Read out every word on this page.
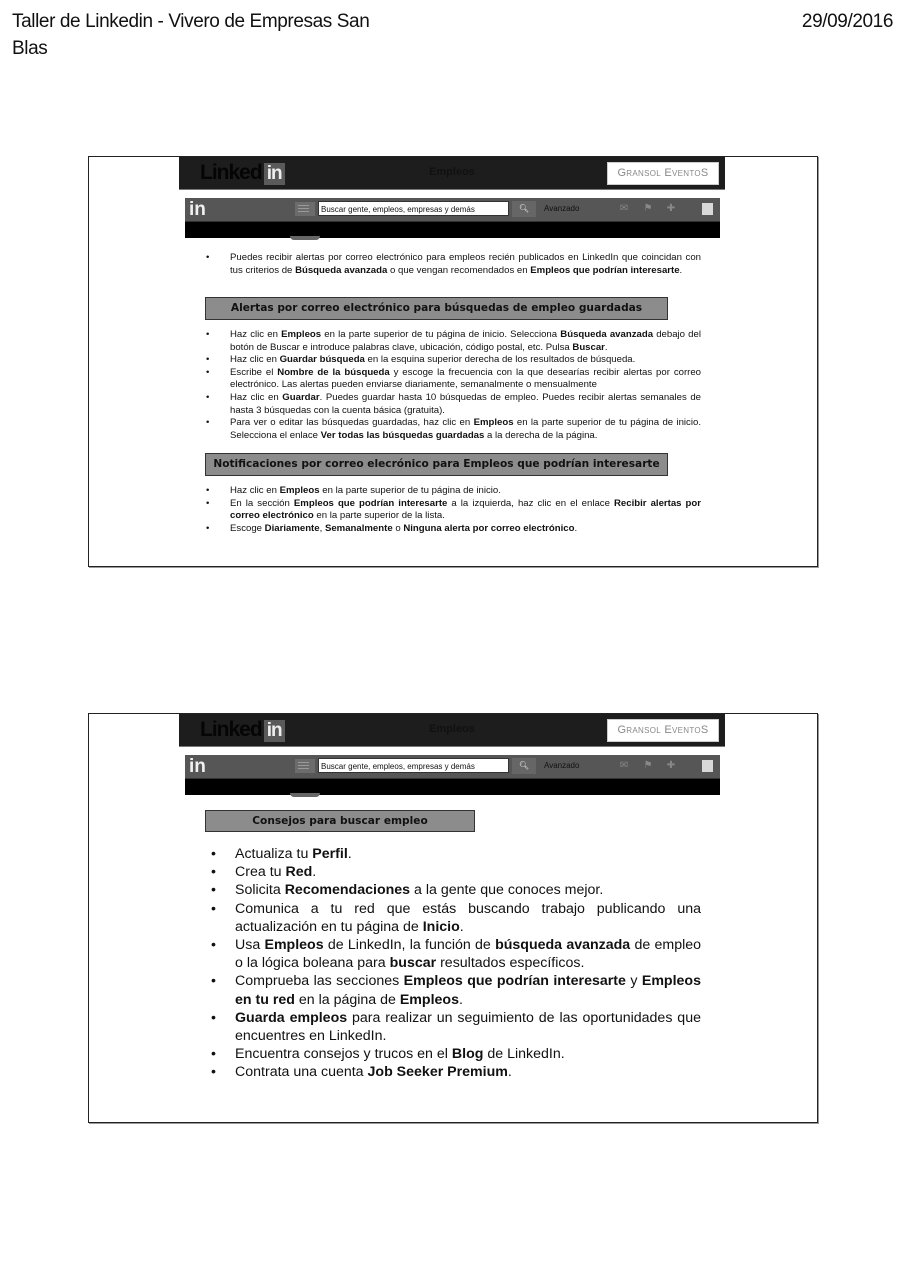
Taller de Linkedin - Vivero de Empresas San Blas
29/09/2016
Linked in	Empleos	Gransol EventoS
in	Buscar gente, empleos, empresas y demás	🔍︎	Avanzado	✉ ⚑ ✚
• Puedes recibir alertas por correo electrónico para empleos recién publicados en LinkedIn que coincidan con tus criterios de Búsqueda avanzada o que vengan recomendados en Empleos que podrían interesarte.
Alertas por correo electrónico para búsquedas de empleo guardadas
• Haz clic en Empleos en la parte superior de tu página de inicio. Selecciona Búsqueda avanzada debajo del botón de Buscar e introduce palabras clave, ubicación, código postal, etc. Pulsa Buscar.
• Haz clic en Guardar búsqueda en la esquina superior derecha de los resultados de búsqueda.
• Escribe el Nombre de la búsqueda y escoge la frecuencia con la que desearías recibir alertas por correo electrónico. Las alertas pueden enviarse diariamente, semanalmente o mensualmente
• Haz clic en Guardar. Puedes guardar hasta 10 búsquedas de empleo. Puedes recibir alertas semanales de hasta 3 búsquedas con la cuenta básica (gratuita).
• Para ver o editar las búsquedas guardadas, haz clic en Empleos en la parte superior de tu página de inicio. Selecciona el enlace Ver todas las búsquedas guardadas a la derecha de la página.
Notificaciones por correo elecrónico para Empleos que podrían interesarte
• Haz clic en Empleos en la parte superior de tu página de inicio.
• En la sección Empleos que podrían interesarte a la izquierda, haz clic en el enlace Recibir alertas por correo electrónico en la parte superior de la lista.
• Escoge Diariamente, Semanalmente o Ninguna alerta por correo electrónico.
Linked in	Empleos	Gransol EventoS
in	Buscar gente, empleos, empresas y demás	🔍︎	Avanzado	✉ ⚑ ✚
Consejos para buscar empleo
• Actualiza tu Perfil.
• Crea tu Red.
• Solicita Recomendaciones a la gente que conoces mejor.
• Comunica a tu red que estás buscando trabajo publicando una actualización en tu página de Inicio.
• Usa Empleos de LinkedIn, la función de búsqueda avanzada de empleo o la lógica boleana para buscar resultados específicos.
• Comprueba las secciones Empleos que podrían interesarte y Empleos en tu red en la página de Empleos.
• Guarda empleos para realizar un seguimiento de las oportunidades que encuentres en LinkedIn.
• Encuentra consejos y trucos en el Blog de LinkedIn.
• Contrata una cuenta Job Seeker Premium.
